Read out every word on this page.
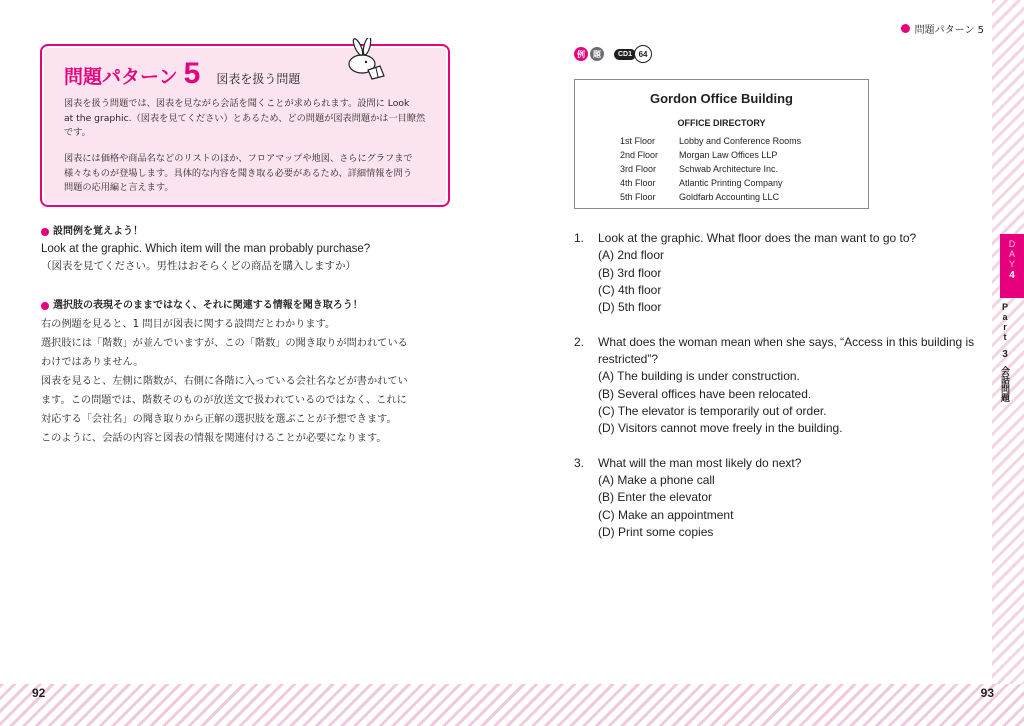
問題パターン 5
問題パターン 5 図表を扱う問題
図表を扱う問題では、図表を見ながら会話を聞くことが求められます。設問に Look
at the graphic.（図表を見てください）とあるため、どの問題が図表問題かは一目瞭然
です。
図表には価格や商品名などのリストのほか、フロアマップや地図、さらにグラフまで
様々なものが登場します。具体的な内容を聞き取る必要があるため、詳細情報を問う
問題の応用編と言えます。
設問例を覚えよう！
Look at the graphic. Which item will the man probably purchase?
（図表を見てください。男性はおそらくどの商品を購入しますか）
選択肢の表現そのままではなく、それに関連する情報を聞き取ろう！
右の例題を見ると、1 問目が図表に関する設問だとわかります。
選択肢には「階数」が並んでいますが、この「階数」の聞き取りが問われている
わけではありません。
図表を見ると、左側に階数が、右側に各階に入っている会社名などが書かれてい
ます。この問題では、階数そのものが放送文で扱われているのではなく、これに
対応する「会社名」の聞き取りから正解の選択肢を選ぶことが予想できます。
このように、会話の内容と図表の情報を関連付けることが必要になります。
92
例	題	CD1 64
Gordon Office Building
OFFICE DIRECTORY
1st Floor	Lobby and Conference Rooms
2nd Floor	Morgan Law Offices LLP
3rd Floor	Schwab Architecture Inc.
4th Floor	Atlantic Printing Company
5th Floor	Goldfarb Accounting LLC
1.	Look at the graphic. What floor does the man want to go to?
(A) 2nd floor
(B) 3rd floor
(C) 4th floor
(D) 5th floor
2.	What does the woman mean when she says, “Access in this building is restricted”?
(A) The building is under construction.
(B) Several offices have been relocated.
(C) The elevator is temporarily out of order.
(D) Visitors cannot move freely in the building.
3.	What will the man most likely do next?
(A) Make a phone call
(B) Enter the elevator
(C) Make an appointment
(D) Print some copies
D
A
Y
4
P
a
r
t
3
会話問題
93
